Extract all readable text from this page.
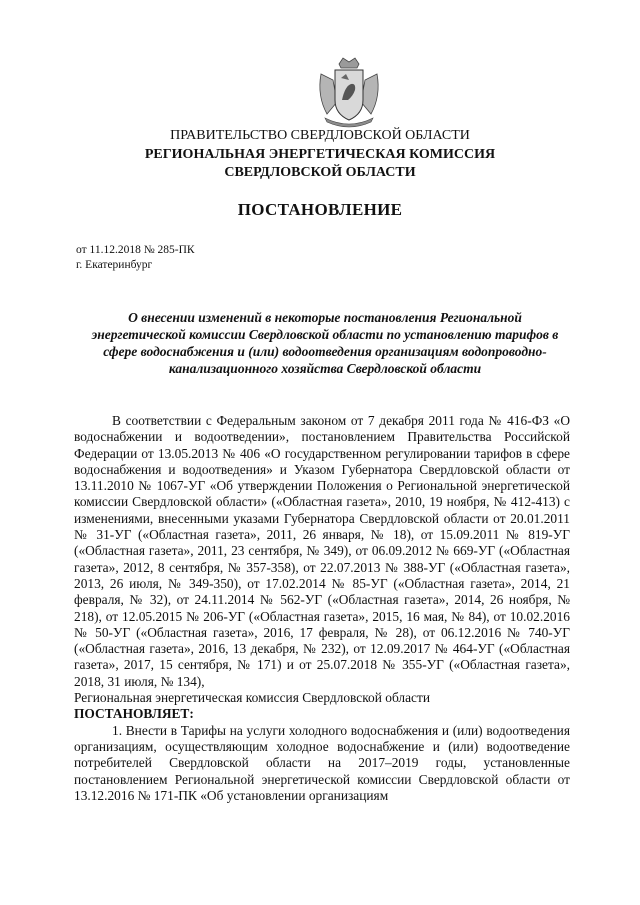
ПРАВИТЕЛЬСТВО СВЕРДЛОВСКОЙ ОБЛАСТИ
РЕГИОНАЛЬНАЯ ЭНЕРГЕТИЧЕСКАЯ КОМИССИЯ
СВЕРДЛОВСКОЙ ОБЛАСТИ
ПОСТАНОВЛЕНИЕ
от 11.12.2018 № 285-ПК
г. Екатеринбург
О внесении изменений в некоторые постановления Региональной энергетической комиссии Свердловской области по установлению тарифов в сфере водоснабжения и (или) водоотведения организациям водопроводно-канализационного хозяйства Свердловской области

В соответствии с Федеральным законом от 7 декабря 2011 года № 416-ФЗ «О водоснабжении и водоотведении», постановлением Правительства Российской Федерации от 13.05.2013 № 406 «О государственном регулировании тарифов в сфере водоснабжения и водоотведения» и Указом Губернатора Свердловской области от 13.11.2010 № 1067-УГ «Об утверждении Положения о Региональной энергетической комиссии Свердловской области» («Областная газета», 2010, 19 ноября, № 412-413) с изменениями, внесенными указами Губернатора Свердловской области от 20.01.2011 № 31-УГ («Областная газета», 2011, 26 января, № 18), от 15.09.2011 № 819-УГ («Областная газета», 2011, 23 сентября, № 349), от 06.09.2012 № 669-УГ («Областная газета», 2012, 8 сентября, № 357-358), от 22.07.2013 № 388-УГ («Областная газета», 2013, 26 июля, № 349-350), от 17.02.2014 № 85-УГ («Областная газета», 2014, 21 февраля, № 32), от 24.11.2014 № 562-УГ («Областная газета», 2014, 26 ноября, № 218), от 12.05.2015 № 206-УГ («Областная газета», 2015, 16 мая, № 84), от 10.02.2016 № 50-УГ («Областная газета», 2016, 17 февраля, № 28), от 06.12.2016 № 740-УГ («Областная газета», 2016, 13 декабря, № 232), от 12.09.2017 № 464-УГ («Областная газета», 2017, 15 сентября, № 171) и от 25.07.2018 № 355-УГ («Областная газета», 2018, 31 июля, № 134),

Региональная энергетическая комиссия Свердловской области

ПОСТАНОВЛЯЕТ:

1. Внести в Тарифы на услуги холодного водоснабжения и (или) водоотведения организациям, осуществляющим холодное водоснабжение и (или) водоотведение потребителей Свердловской области на 2017–2019 годы, установленные постановлением Региональной энергетической комиссии Свердловской области от 13.12.2016 № 171-ПК «Об установлении организациям
